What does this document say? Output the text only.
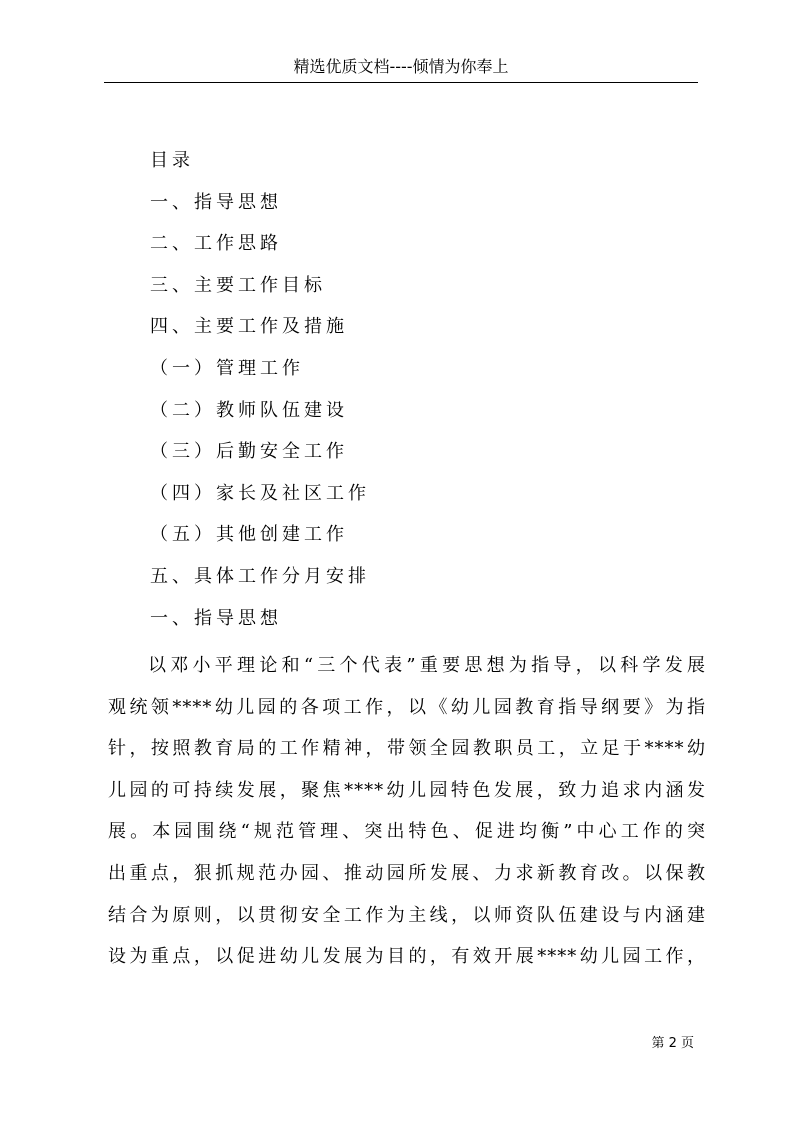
精选优质文档----倾情为你奉上
目录
一、指导思想
二、工作思路
三、主要工作目标
四、主要工作及措施
（一）管理工作
（二）教师队伍建设
（三）后勤安全工作
（四）家长及社区工作
（五）其他创建工作
五、具体工作分月安排
一、指导思想

以邓小平理论和“三个代表”重要思想为指导，以科学发展
观统领****幼儿园的各项工作，以《幼儿园教育指导纲要》为指
针，按照教育局的工作精神，带领全园教职员工，立足于****幼
儿园的可持续发展，聚焦****幼儿园特色发展，致力追求内涵发
展。本园围绕“规范管理、突出特色、促进均衡”中心工作的突
出重点，狠抓规范办园、推动园所发展、力求新教育改。以保教
结合为原则，以贯彻安全工作为主线，以师资队伍建设与内涵建
设为重点，以促进幼儿发展为目的，有效开展****幼儿园工作，

第 2 页
